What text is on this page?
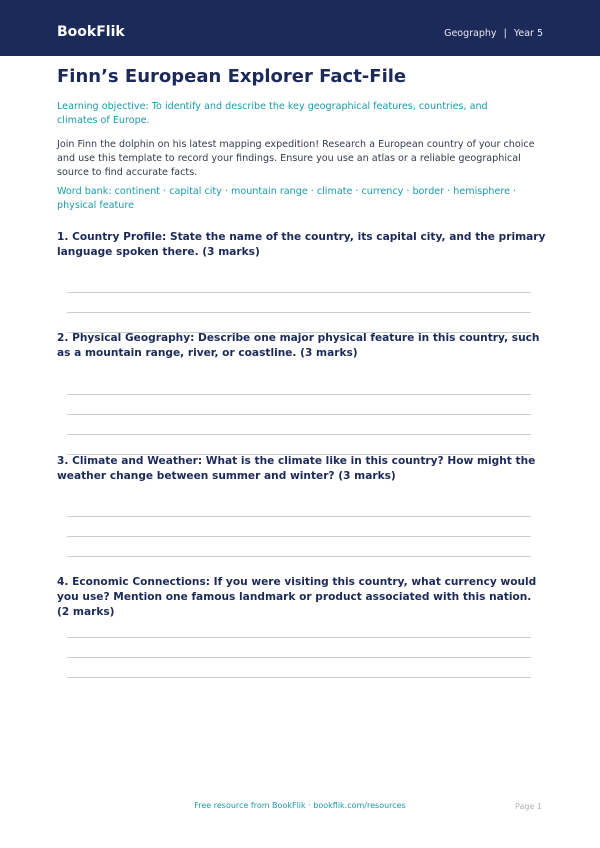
BookFlik	Geography | Year 5
Finn’s European Explorer Fact-File
Learning objective: To identify and describe the key geographical features, countries, and climates of Europe.
Join Finn the dolphin on his latest mapping expedition! Research a European country of your choice and use this template to record your findings. Ensure you use an atlas or a reliable geographical source to find accurate facts.
Word bank: continent · capital city · mountain range · climate · currency · border · hemisphere · physical feature
1. Country Profile: State the name of the country, its capital city, and the primary language spoken there. (3 marks)
2. Physical Geography: Describe one major physical feature in this country, such as a mountain range, river, or coastline. (3 marks)
3. Climate and Weather: What is the climate like in this country? How might the weather change between summer and winter? (3 marks)
4. Economic Connections: If you were visiting this country, what currency would you use? Mention one famous landmark or product associated with this nation. (2 marks)
Free resource from BookFlik · bookflik.com/resources	Page 1
